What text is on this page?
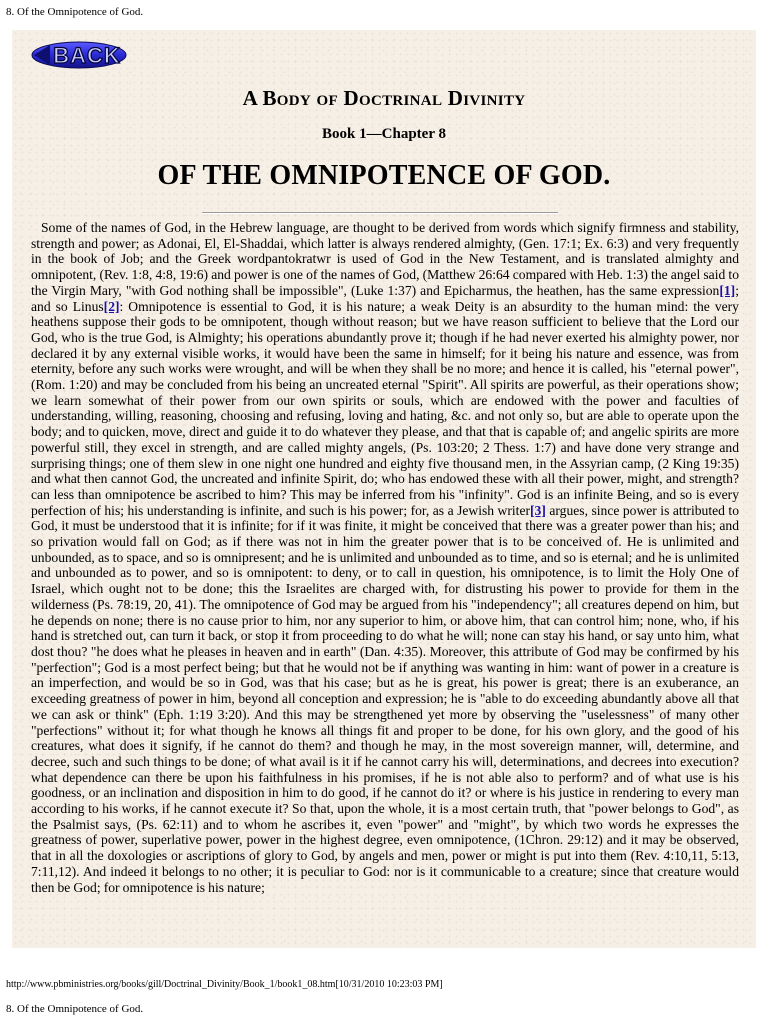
8. Of the Omnipotence of God.
BACK
A Body of Doctrinal Divinity
Book 1—Chapter 8
OF THE OMNIPOTENCE OF GOD.
Some of the names of God, in the Hebrew language, are thought to be derived from words which signify firmness and stability, strength and power; as Adonai, El, El-Shaddai, which latter is always rendered almighty, (Gen. 17:1; Ex. 6:3) and very frequently in the book of Job; and the Greek wordpantokratwr is used of God in the New Testament, and is translated almighty and omnipotent, (Rev. 1:8, 4:8, 19:6) and power is one of the names of God, (Matthew 26:64 compared with Heb. 1:3) the angel said to the Virgin Mary, "with God nothing shall be impossible", (Luke 1:37) and Epicharmus, the heathen, has the same expression[1]; and so Linus[2]: Omnipotence is essential to God, it is his nature; a weak Deity is an absurdity to the human mind: the very heathens suppose their gods to be omnipotent, though without reason; but we have reason sufficient to believe that the Lord our God, who is the true God, is Almighty; his operations abundantly prove it; though if he had never exerted his almighty power, nor declared it by any external visible works, it would have been the same in himself; for it being his nature and essence, was from eternity, before any such works were wrought, and will be when they shall be no more; and hence it is called, his "eternal power", (Rom. 1:20) and may be concluded from his being an uncreated eternal "Spirit". All spirits are powerful, as their operations show; we learn somewhat of their power from our own spirits or souls, which are endowed with the power and faculties of understanding, willing, reasoning, choosing and refusing, loving and hating, &c. and not only so, but are able to operate upon the body; and to quicken, move, direct and guide it to do whatever they please, and that that is capable of; and angelic spirits are more powerful still, they excel in strength, and are called mighty angels, (Ps. 103:20; 2 Thess. 1:7) and have done very strange and surprising things; one of them slew in one night one hundred and eighty five thousand men, in the Assyrian camp, (2 King 19:35) and what then cannot God, the uncreated and infinite Spirit, do; who has endowed these with all their power, might, and strength? can less than omnipotence be ascribed to him? This may be inferred from his "infinity". God is an infinite Being, and so is every perfection of his; his understanding is infinite, and such is his power; for, as a Jewish writer[3] argues, since power is attributed to God, it must be understood that it is infinite; for if it was finite, it might be conceived that there was a greater power than his; and so privation would fall on God; as if there was not in him the greater power that is to be conceived of. He is unlimited and unbounded, as to space, and so is omnipresent; and he is unlimited and unbounded as to time, and so is eternal; and he is unlimited and unbounded as to power, and so is omnipotent: to deny, or to call in question, his omnipotence, is to limit the Holy One of Israel, which ought not to be done; this the Israelites are charged with, for distrusting his power to provide for them in the wilderness (Ps. 78:19, 20, 41). The omnipotence of God may be argued from his "independency"; all creatures depend on him, but he depends on none; there is no cause prior to him, nor any superior to him, or above him, that can control him; none, who, if his hand is stretched out, can turn it back, or stop it from proceeding to do what he will; none can stay his hand, or say unto him, what dost thou? "he does what he pleases in heaven and in earth" (Dan. 4:35). Moreover, this attribute of God may be confirmed by his "perfection"; God is a most perfect being; but that he would not be if anything was wanting in him: want of power in a creature is an imperfection, and would be so in God, was that his case; but as he is great, his power is great; there is an exuberance, an exceeding greatness of power in him, beyond all conception and expression; he is "able to do exceeding abundantly above all that we can ask or think" (Eph. 1:19 3:20). And this may be strengthened yet more by observing the "uselessness" of many other "perfections" without it; for what though he knows all things fit and proper to be done, for his own glory, and the good of his creatures, what does it signify, if he cannot do them? and though he may, in the most sovereign manner, will, determine, and decree, such and such things to be done; of what avail is it if he cannot carry his will, determinations, and decrees into execution? what dependence can there be upon his faithfulness in his promises, if he is not able also to perform? and of what use is his goodness, or an inclination and disposition in him to do good, if he cannot do it? or where is his justice in rendering to every man according to his works, if he cannot execute it? So that, upon the whole, it is a most certain truth, that "power belongs to God", as the Psalmist says, (Ps. 62:11) and to whom he ascribes it, even "power" and "might", by which two words he expresses the greatness of power, superlative power, power in the highest degree, even omnipotence, (1Chron. 29:12) and it may be observed, that in all the doxologies or ascriptions of glory to God, by angels and men, power or might is put into them (Rev. 4:10,11, 5:13, 7:11,12). And indeed it belongs to no other; it is peculiar to God: nor is it communicable to a creature; since that creature would then be God; for omnipotence is his nature;
http://www.pbministries.org/books/gill/Doctrinal_Divinity/Book_1/book1_08.htm[10/31/2010 10:23:03 PM]
8. Of the Omnipotence of God.
